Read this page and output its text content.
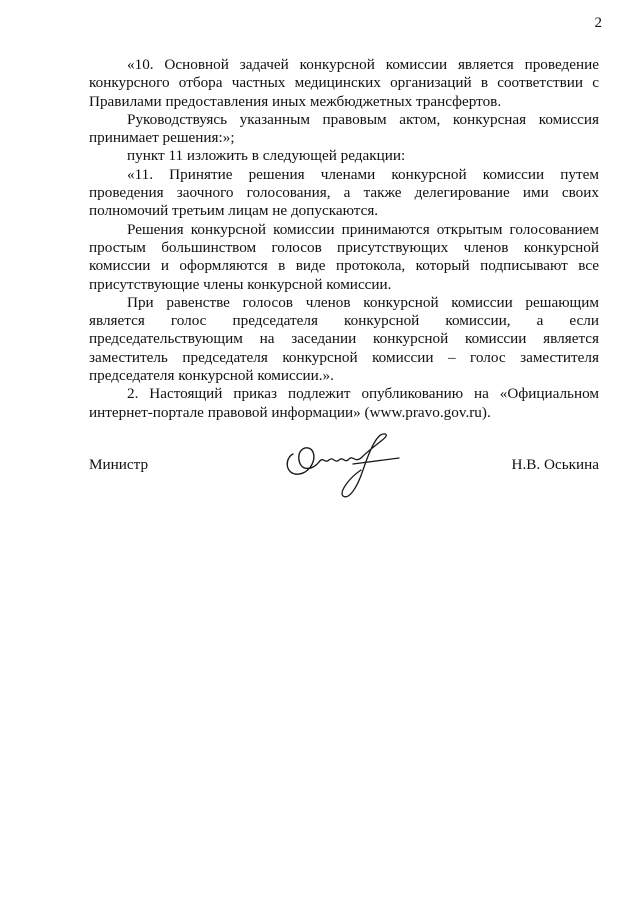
2

«10. Основной задачей конкурсной комиссии является проведение конкурсного отбора частных медицинских организаций в соответствии с Правилами предоставления иных межбюджетных трансфертов.

Руководствуясь указанным правовым актом, конкурсная комиссия принимает решения:»;

пункт 11 изложить в следующей редакции:

«11. Принятие решения членами конкурсной комиссии путем проведения заочного голосования, а также делегирование ими своих полномочий третьим лицам не допускаются.

Решения конкурсной комиссии принимаются открытым голосованием простым большинством голосов присутствующих членов конкурсной комиссии и оформляются в виде протокола, который подписывают все присутствующие члены конкурсной комиссии.

При равенстве голосов членов конкурсной комиссии решающим является голос председателя конкурсной комиссии, а если председательствующим на заседании конкурсной комиссии является заместитель председателя конкурсной комиссии – голос заместителя председателя конкурсной комиссии.».

2. Настоящий приказ подлежит опубликованию на «Официальном интернет-портале правовой информации» (www.pravo.gov.ru).

Министр	Н.В. Оськина
